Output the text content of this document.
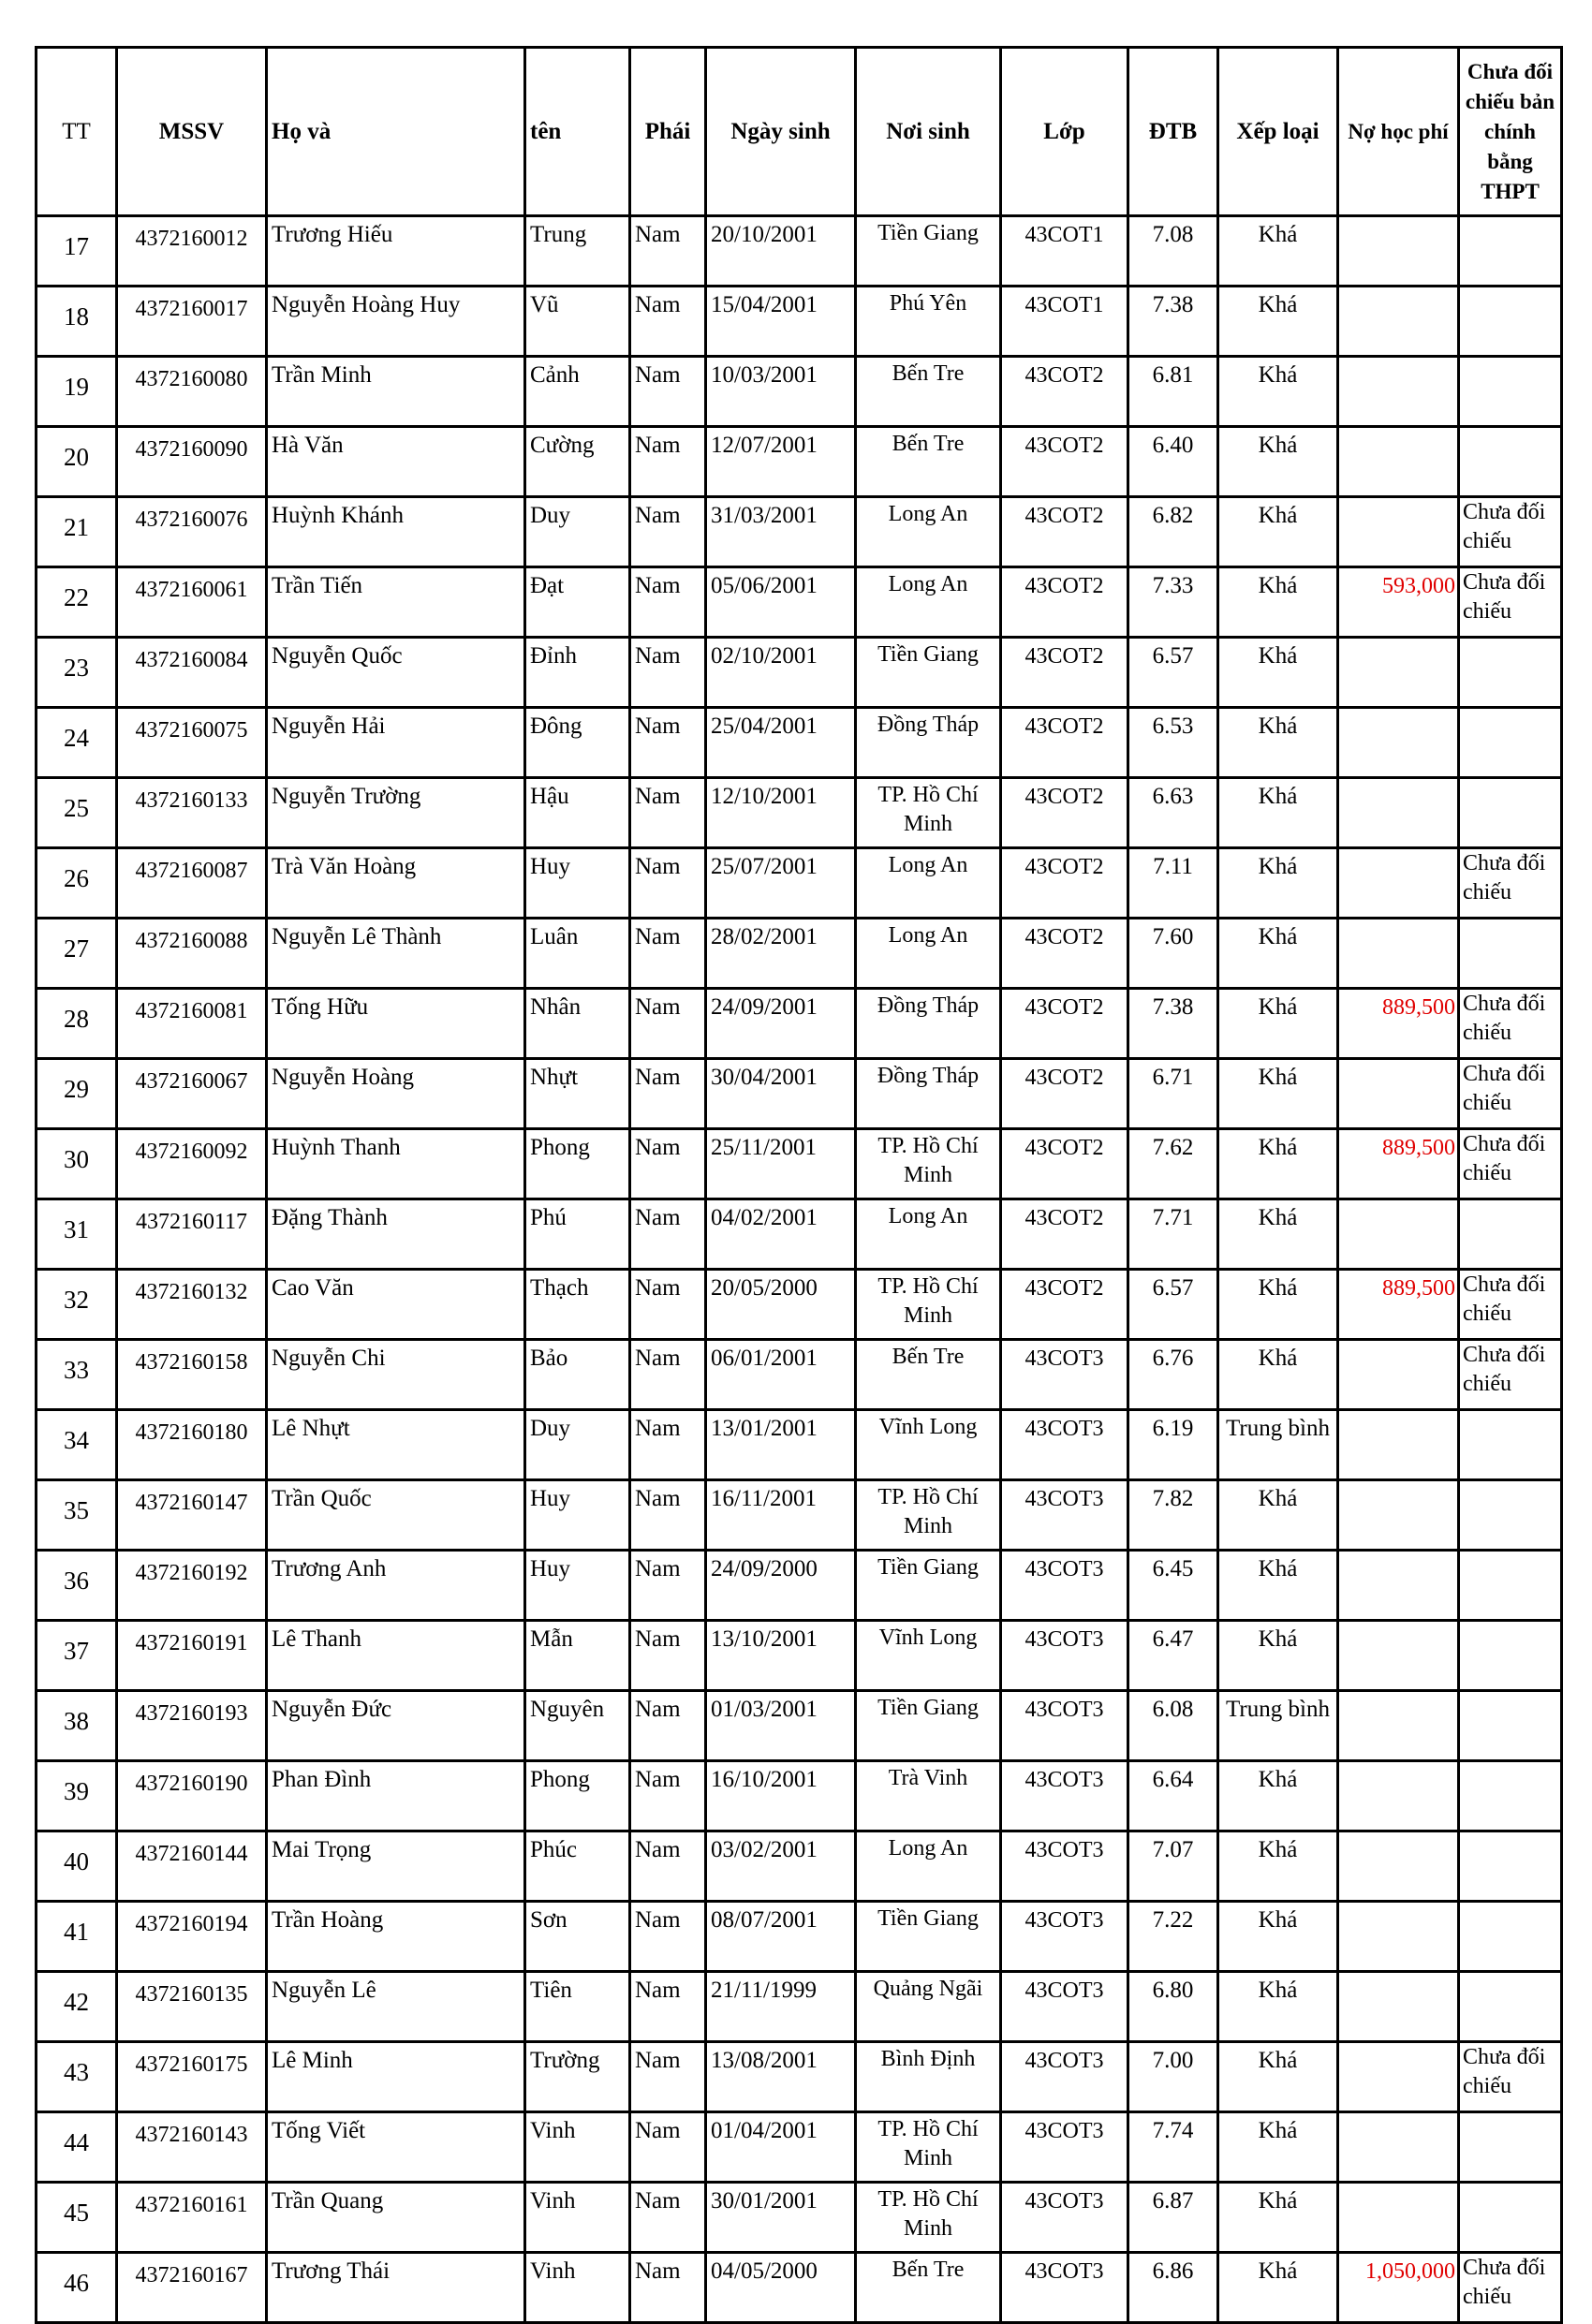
TT	MSSV	Họ và	tên	Phái	Ngày sinh	Nơi sinh	Lớp	ĐTB	Xếp loại	Nợ học phí	Chưa đối chiếu bản chính bằng THPT

17	4372160012	Trương Hiếu	Trung	Nam	20/10/2001	Tiền Giang	43COT1	7.08	Khá		

18	4372160017	Nguyễn Hoàng Huy	Vũ	Nam	15/04/2001	Phú Yên	43COT1	7.38	Khá		

19	4372160080	Trần Minh	Cảnh	Nam	10/03/2001	Bến Tre	43COT2	6.81	Khá		

20	4372160090	Hà Văn	Cường	Nam	12/07/2001	Bến Tre	43COT2	6.40	Khá		

21	4372160076	Huỳnh Khánh	Duy	Nam	31/03/2001	Long An	43COT2	6.82	Khá		Chưa đối chiếu

22	4372160061	Trần Tiến	Đạt	Nam	05/06/2001	Long An	43COT2	7.33	Khá	593,000	Chưa đối chiếu

23	4372160084	Nguyễn Quốc	Đỉnh	Nam	02/10/2001	Tiền Giang	43COT2	6.57	Khá		

24	4372160075	Nguyễn Hải	Đông	Nam	25/04/2001	Đồng Tháp	43COT2	6.53	Khá		

25	4372160133	Nguyễn Trường	Hậu	Nam	12/10/2001	TP. Hồ Chí Minh	43COT2	6.63	Khá		

26	4372160087	Trà Văn Hoàng	Huy	Nam	25/07/2001	Long An	43COT2	7.11	Khá		Chưa đối chiếu

27	4372160088	Nguyễn Lê Thành	Luân	Nam	28/02/2001	Long An	43COT2	7.60	Khá		

28	4372160081	Tống Hữu	Nhân	Nam	24/09/2001	Đồng Tháp	43COT2	7.38	Khá	889,500	Chưa đối chiếu

29	4372160067	Nguyễn Hoàng	Nhựt	Nam	30/04/2001	Đồng Tháp	43COT2	6.71	Khá		Chưa đối chiếu

30	4372160092	Huỳnh Thanh	Phong	Nam	25/11/2001	TP. Hồ Chí Minh	43COT2	7.62	Khá	889,500	Chưa đối chiếu

31	4372160117	Đặng Thành	Phú	Nam	04/02/2001	Long An	43COT2	7.71	Khá		

32	4372160132	Cao Văn	Thạch	Nam	20/05/2000	TP. Hồ Chí Minh	43COT2	6.57	Khá	889,500	Chưa đối chiếu

33	4372160158	Nguyễn Chi	Bảo	Nam	06/01/2001	Bến Tre	43COT3	6.76	Khá		Chưa đối chiếu

34	4372160180	Lê Nhựt	Duy	Nam	13/01/2001	Vĩnh Long	43COT3	6.19	Trung bình		

35	4372160147	Trần Quốc	Huy	Nam	16/11/2001	TP. Hồ Chí Minh	43COT3	7.82	Khá		

36	4372160192	Trương Anh	Huy	Nam	24/09/2000	Tiền Giang	43COT3	6.45	Khá		

37	4372160191	Lê Thanh	Mẫn	Nam	13/10/2001	Vĩnh Long	43COT3	6.47	Khá		

38	4372160193	Nguyễn Đức	Nguyên	Nam	01/03/2001	Tiền Giang	43COT3	6.08	Trung bình		

39	4372160190	Phan Đình	Phong	Nam	16/10/2001	Trà Vinh	43COT3	6.64	Khá		

40	4372160144	Mai Trọng	Phúc	Nam	03/02/2001	Long An	43COT3	7.07	Khá		

41	4372160194	Trần Hoàng	Sơn	Nam	08/07/2001	Tiền Giang	43COT3	7.22	Khá		

42	4372160135	Nguyễn Lê	Tiên	Nam	21/11/1999	Quảng Ngãi	43COT3	6.80	Khá		

43	4372160175	Lê Minh	Trường	Nam	13/08/2001	Bình Định	43COT3	7.00	Khá		Chưa đối chiếu

44	4372160143	Tống Viết	Vinh	Nam	01/04/2001	TP. Hồ Chí Minh	43COT3	7.74	Khá		

45	4372160161	Trần Quang	Vinh	Nam	30/01/2001	TP. Hồ Chí Minh	43COT3	6.87	Khá		

46	4372160167	Trương Thái	Vinh	Nam	04/05/2000	Bến Tre	43COT3	6.86	Khá	1,050,000	Chưa đối chiếu
